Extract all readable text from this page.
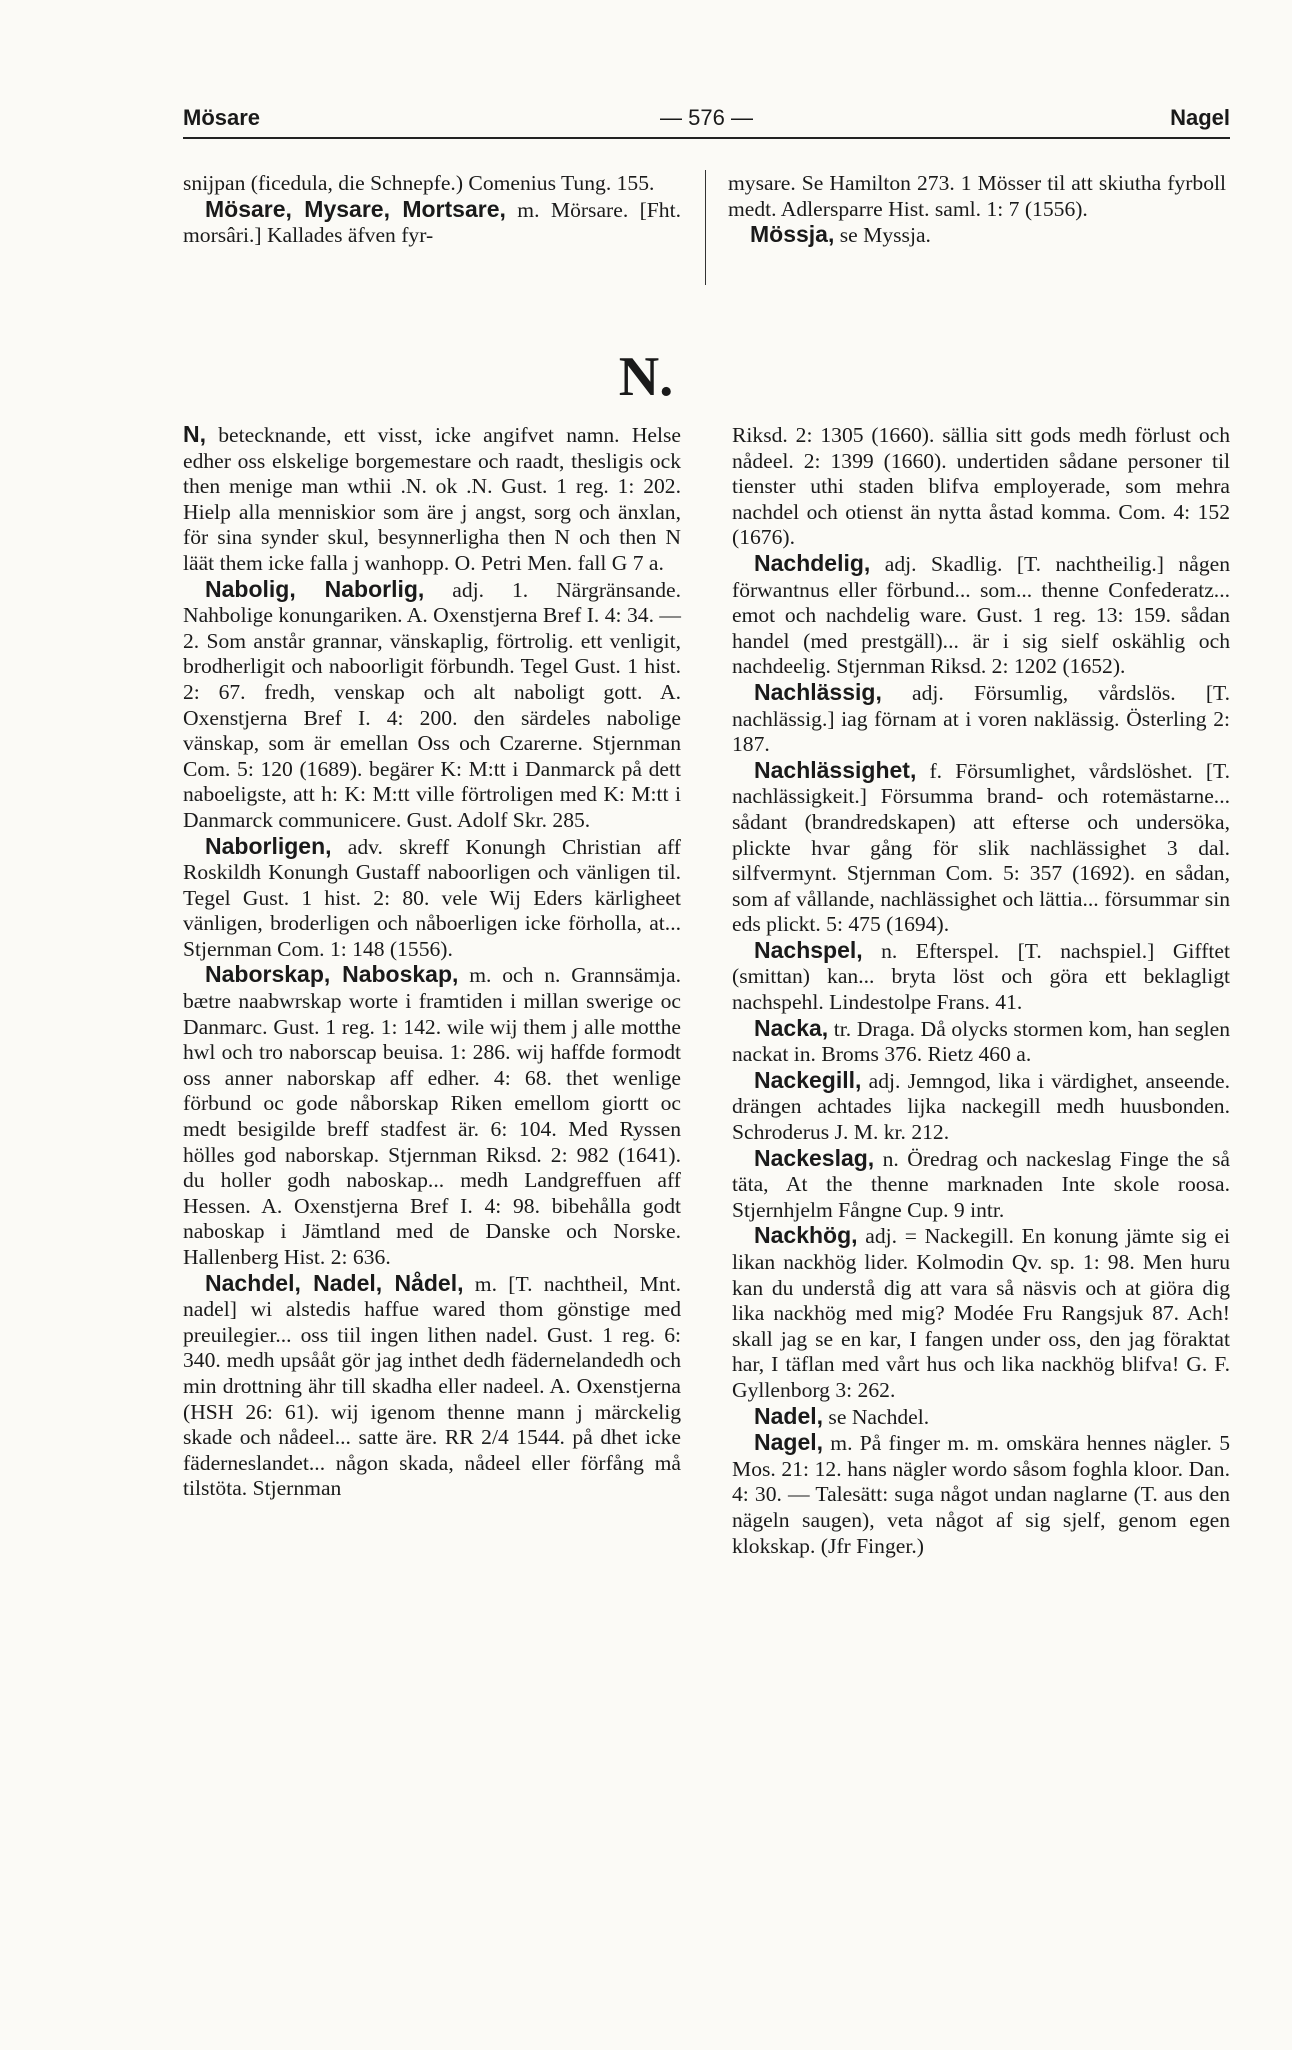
Mösare	— 576 —	Nagel

snijpan (ficedula, die Schnepfe.) Comenius Tung. 155.

Mösare, Mysare, Mortsare, m. Mörsare. [Fht. morsâri.] Kallades äfven fyr-

mysare. Se Hamilton 273. 1 Mösser til att skiutha fyrboll medt. Adlersparre Hist. saml. 1: 7 (1556).

Mössja, se Myssja.

N.

N, betecknande, ett visst, icke angifvet namn. Helse edher oss elskelige borgemestare och raadt, thesligis ock then menige man wthii .N. ok .N. Gust. 1 reg. 1: 202. Hielp alla menniskior som äre j angst, sorg och änxlan, för sina synder skul, besynnerligha then N och then N läät them icke falla j wanhopp. O. Petri Men. fall G 7 a.

Nabolig, Naborlig, adj. 1. Närgränsande. Nahbolige konungariken. A. Oxenstjerna Bref I. 4: 34. — 2. Som anstår grannar, vänskaplig, förtrolig. ett venligit, brodherligit och naboorligit förbundh. Tegel Gust. 1 hist. 2: 67. fredh, venskap och alt naboligt gott. A. Oxenstjerna Bref I. 4: 200. den särdeles nabolige vänskap, som är emellan Oss och Czarerne. Stjernman Com. 5: 120 (1689). begärer K: M:tt i Danmarck på dett naboeligste, att h: K: M:tt ville förtroligen med K: M:tt i Danmarck communicere. Gust. Adolf Skr. 285.

Naborligen, adv. skreff Konungh Christian aff Roskildh Konungh Gustaff naboorligen och vänligen til. Tegel Gust. 1 hist. 2: 80. vele Wij Eders kärligheet vänligen, broderligen och nåboerligen icke förholla, at... Stjernman Com. 1: 148 (1556).

Naborskap, Naboskap, m. och n. Grannsämja. bætre naabwrskap worte i framtiden i millan swerige oc Danmarc. Gust. 1 reg. 1: 142. wile wij them j alle motthe hwl och tro naborscap beuisa. 1: 286. wij haffde formodt oss anner naborskap aff edher. 4: 68. thet wenlige förbund oc gode nåborskap Riken emellom giortt oc medt besigilde breff stadfest är. 6: 104. Med Ryssen hölles god naborskap. Stjernman Riksd. 2: 982 (1641). du holler godh naboskap... medh Landgreffuen aff Hessen. A. Oxenstjerna Bref I. 4: 98. bibehålla godt naboskap i Jämtland med de Danske och Norske. Hallenberg Hist. 2: 636.

Nachdel, Nadel, Nådel, m. [T. nachtheil, Mnt. nadel] wi alstedis haffue wared thom gönstige med preuilegier... oss tiil ingen lithen nadel. Gust. 1 reg. 6: 340. medh upsååt gör jag inthet dedh fädernelandedh och min drottning ähr till skadha eller nadeel. A. Oxenstjerna (HSH 26: 61). wij igenom thenne mann j märckelig skade och nådeel... satte äre. RR 2/4 1544. på dhet icke fäderneslandet... någon skada, nådeel eller förfång må tilstöta. Stjernman

Riksd. 2: 1305 (1660). sällia sitt gods medh förlust och nådeel. 2: 1399 (1660). undertiden sådane personer til tienster uthi staden blifva employerade, som mehra nachdel och otienst än nytta åstad komma. Com. 4: 152 (1676).

Nachdelig, adj. Skadlig. [T. nachtheilig.] någen förwantnus eller förbund... som... thenne Confederatz... emot och nachdelig ware. Gust. 1 reg. 13: 159. sådan handel (med prestgäll)... är i sig sielf oskählig och nachdeelig. Stjernman Riksd. 2: 1202 (1652).

Nachlässig, adj. Försumlig, vårdslös. [T. nachlässig.] iag förnam at i voren naklässig. Österling 2: 187.

Nachlässighet, f. Försumlighet, vårdslöshet. [T. nachlässigkeit.] Försumma brand- och rotemästarne... sådant (brandredskapen) att efterse och undersöka, plickte hvar gång för slik nachlässighet 3 dal. silfvermynt. Stjernman Com. 5: 357 (1692). en sådan, som af vållande, nachlässighet och lättia... försummar sin eds plickt. 5: 475 (1694).

Nachspel, n. Efterspel. [T. nachspiel.] Gifftet (smittan) kan... bryta löst och göra ett beklagligt nachspehl. Lindestolpe Frans. 41.

Nacka, tr. Draga. Då olycks stormen kom, han seglen nackat in. Broms 376. Rietz 460 a.

Nackegill, adj. Jemngod, lika i värdighet, anseende. drängen achtades lijka nackegill medh huusbonden. Schroderus J. M. kr. 212.

Nackeslag, n. Öredrag och nackeslag Finge the så täta, At the thenne marknaden Inte skole roosa. Stjernhjelm Fångne Cup. 9 intr.

Nackhög, adj. = Nackegill. En konung jämte sig ei likan nackhög lider. Kolmodin Qv. sp. 1: 98. Men huru kan du understå dig att vara så näsvis och at giöra dig lika nackhög med mig? Modée Fru Rangsjuk 87. Ach! skall jag se en kar, I fangen under oss, den jag föraktat har, I täflan med vårt hus och lika nackhög blifva! G. F. Gyllenborg 3: 262.

Nadel, se Nachdel.

Nagel, m. På finger m. m. omskära hennes nägler. 5 Mos. 21: 12. hans nägler wordo såsom foghla kloor. Dan. 4: 30. — Talesätt: suga något undan naglarne (T. aus den nägeln saugen), veta något af sig sjelf, genom egen klokskap. (Jfr Finger.)
